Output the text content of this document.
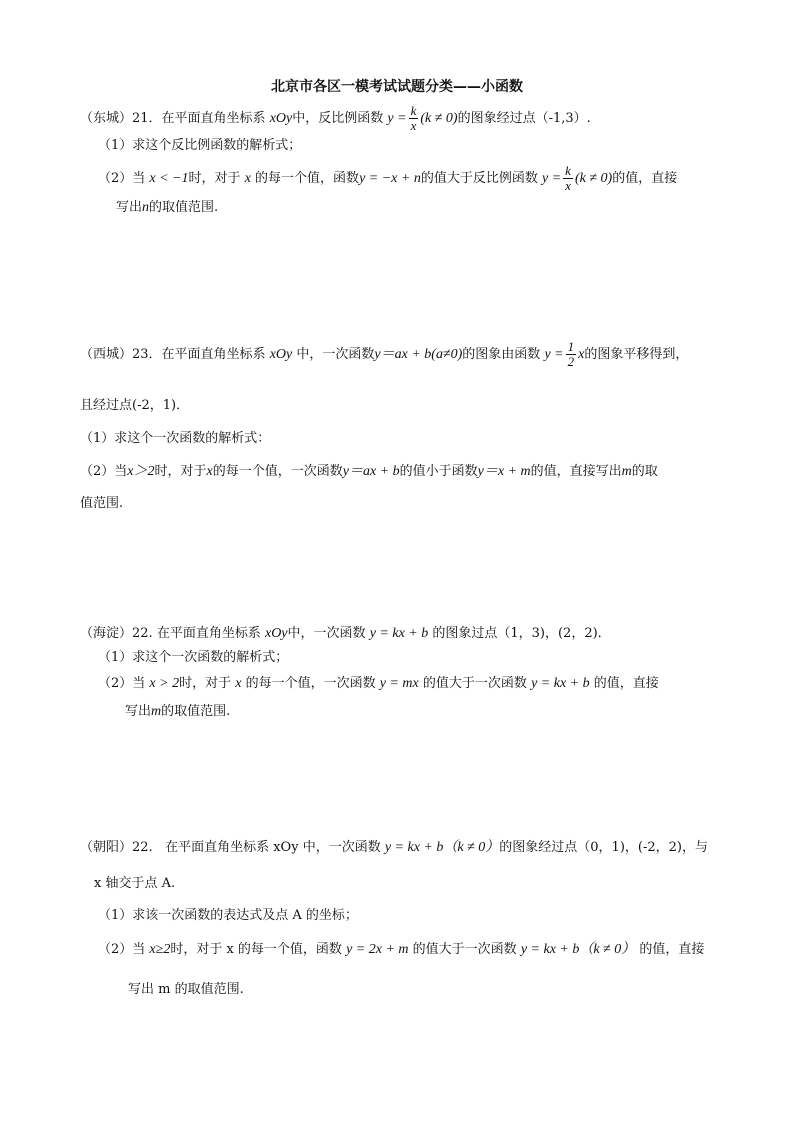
北京市各区一模考试试题分类——小函数
（东城）21．在平面直角坐标系 xOy中，反比例函数 $y = \frac{k}{x} (k \ne 0)$的图象经过点（-1,3）.
（1）求这个反比例函数的解析式；
（2）当 x < −1时，对于 x 的每一个值，函数y = −x + n的值大于反比例函数 $y = \frac{k}{x} (k \ne 0)$的值，直接
写出n的取值范围.
（西城）23．在平面直角坐标系 xOy 中，一次函数y＝ax + b(a≠0)的图象由函数 $y = \frac{1}{2}$ x的图象平移得到，
且经过点(-2，1)．
（1）求这个一次函数的解析式：
（2）当x＞2时，对于x的每一个值，一次函数y＝ax + b的值小于函数y＝x + m的值，直接写出m的取
值范围.
（海淀）22. 在平面直角坐标系 xOy中，一次函数 y = kx + b 的图象过点（1，3)，(2，2)．
（1）求这个一次函数的解析式；
（2）当 x > 2时，对于 x 的每一个值，一次函数 y = mx 的值大于一次函数 y = kx + b 的值，直接
写出m的取值范围.
（朝阳）22. 在平面直角坐标系 xOy 中，一次函数 y = kx + b（k ≠ 0）的图象经过点（0，1)，(-2，2)，与
x 轴交于点 A.
（1）求该一次函数的表达式及点 A 的坐标；
（2）当 x≥2时，对于 x 的每一个值，函数 y = 2x + m 的值大于一次函数 y = kx + b（k ≠ 0） 的值，直接
写出 m 的取值范围.
